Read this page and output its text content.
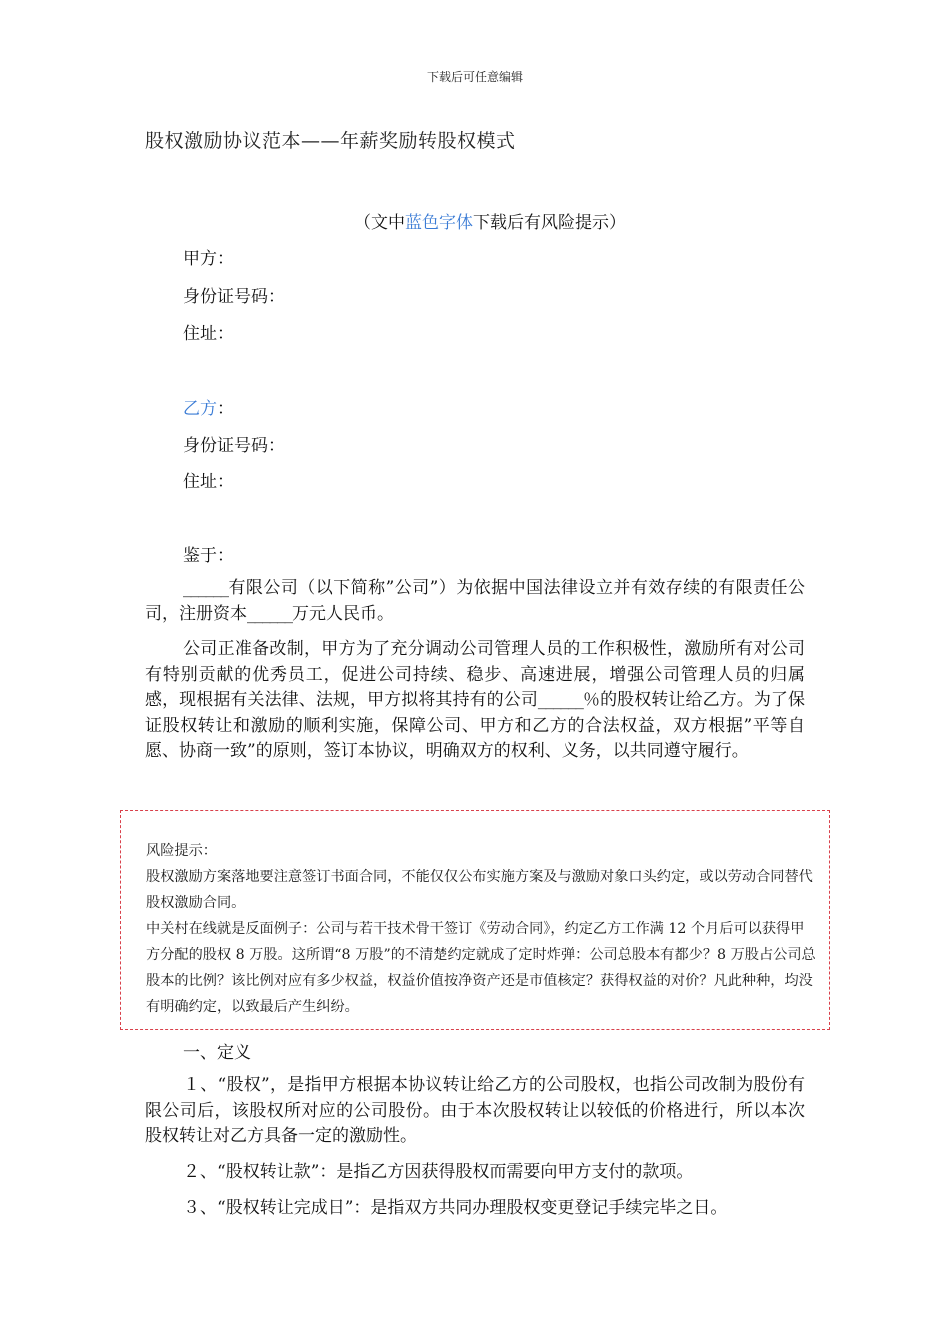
下载后可任意编辑
股权激励协议范本——年薪奖励转股权模式
（文中蓝色字体下载后有风险提示）
甲方：
身份证号码：
住址：
乙方：
身份证号码：
住址：
鉴于：

______有限公司（以下简称”公司”）为依据中国法律设立并有效存续的有限责任公司，注册资本______万元人民币。

公司正准备改制，甲方为了充分调动公司管理人员的工作积极性，激励所有对公司有特别贡献的优秀员工，促进公司持续、稳步、高速进展，增强公司管理人员的归属感，现根据有关法律、法规，甲方拟将其持有的公司______％的股权转让给乙方。为了保证股权转让和激励的顺利实施，保障公司、甲方和乙方的合法权益，双方根据”平等自愿、协商一致”的原则，签订本协议，明确双方的权利、义务，以共同遵守履行。

风险提示：

股权激励方案落地要注意签订书面合同，不能仅仅公布实施方案及与激励对象口头约定，或以劳动合同替代股权激励合同。

中关村在线就是反面例子：公司与若干技术骨干签订《劳动合同》，约定乙方工作满 12 个月后可以获得甲方分配的股权 8 万股。这所谓“8 万股”的不清楚约定就成了定时炸弹：公司总股本有都少？8 万股占公司总股本的比例？该比例对应有多少权益，权益价值按净资产还是市值核定？获得权益的对价？凡此种种，均没有明确约定，以致最后产生纠纷。

一、定义

１、“股权”，是指甲方根据本协议转让给乙方的公司股权，也指公司改制为股份有限公司后，该股权所对应的公司股份。由于本次股权转让以较低的价格进行，所以本次股权转让对乙方具备一定的激励性。

２、“股权转让款”：是指乙方因获得股权而需要向甲方支付的款项。

３、“股权转让完成日”：是指双方共同办理股权变更登记手续完毕之日。
